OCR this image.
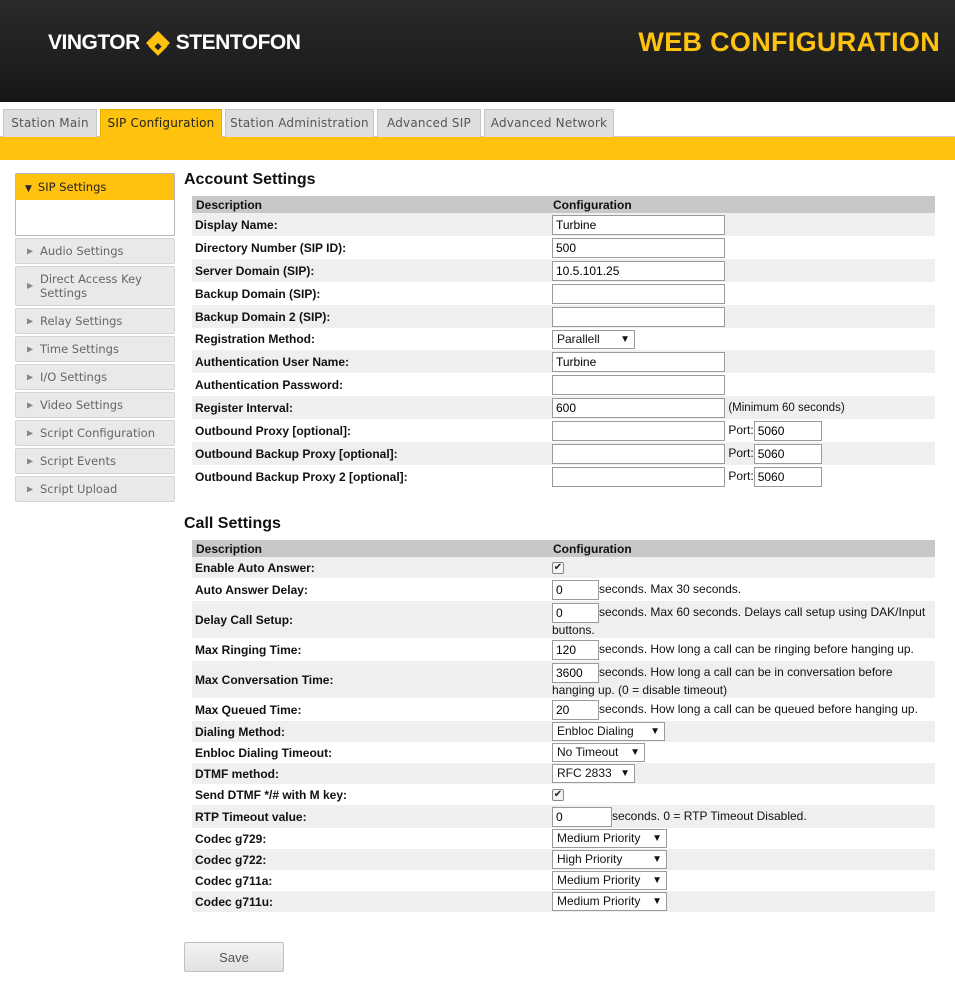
VINGTOR STENTOFON	WEB CONFIGURATION
Station Main	SIP Configuration	Station Administration	Advanced SIP	Advanced Network
▼ SIP Settings
▶ Audio Settings
▶ Direct Access Key Settings
▶ Relay Settings
▶ Time Settings
▶ I/O Settings
▶ Video Settings
▶ Script Configuration
▶ Script Events
▶ Script Upload
Account Settings
Description	Configuration
Display Name:	Turbine
Directory Number (SIP ID):	500
Server Domain (SIP):	10.5.101.25
Backup Domain (SIP):	
Backup Domain 2 (SIP):	
Registration Method:	Parallell ▼

Authentication User Name:	Turbine
Authentication Password:	
Register Interval:	600(Minimum 60 seconds)
Outbound Proxy [optional]:	Port:5060
Outbound Backup Proxy [optional]:	Port:5060
Outbound Backup Proxy 2 [optional]:	Port:5060
Call Settings
Description	Configuration
Enable Auto Answer:	✔
Auto Answer Delay:	0seconds. Max 30 seconds.
Delay Call Setup:	0seconds. Max 60 seconds. Delays call setup using DAK/Input buttons.
Max Ringing Time:	120seconds. How long a call can be ringing before hanging up.
Max Conversation Time:	3600seconds. How long a call can be in conversation before hanging up. (0 = disable timeout)
Max Queued Time:	20seconds. How long a call can be queued before hanging up.
Dialing Method:	Enbloc Dialing ▼

Enbloc Dialing Timeout:	No Timeout ▼

DTMF method:	RFC 2833 ▼

Send DTMF */# with M key:	✔
RTP Timeout value:	0seconds. 0 = RTP Timeout Disabled.
Codec g729:	Medium Priority ▼

Codec g722:	High Priority ▼

Codec g711a:	Medium Priority ▼

Codec g711u:	Medium Priority ▼
Save
